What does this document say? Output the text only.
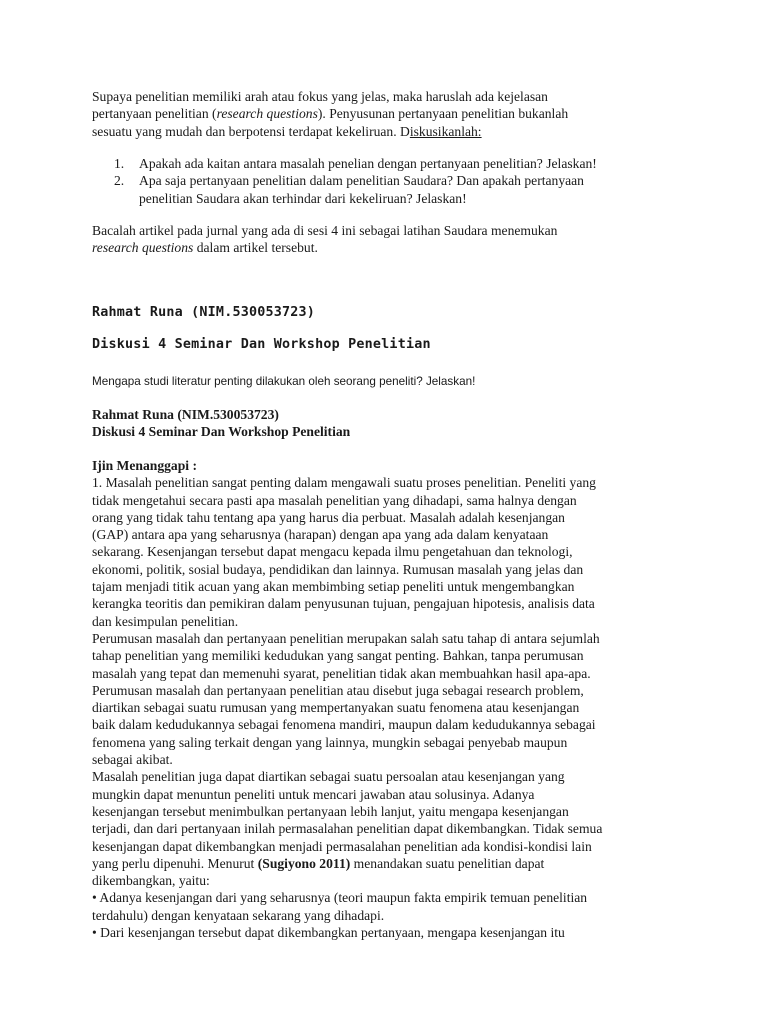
Supaya penelitian memiliki arah atau fokus yang jelas, maka haruslah ada kejelasan
pertanyaan penelitian (research questions). Penyusunan pertanyaan penelitian bukanlah
sesuatu yang mudah dan berpotensi terdapat kekeliruan. Diskusikanlah:

1. Apakah ada kaitan antara masalah penelian dengan pertanyaan penelitian? Jelaskan!
2. Apa saja pertanyaan penelitian dalam penelitian Saudara? Dan apakah pertanyaan
penelitian Saudara akan terhindar dari kekeliruan? Jelaskan!

Bacalah artikel pada jurnal yang ada di sesi 4 ini sebagai latihan Saudara menemukan
research questions dalam artikel tersebut.

Rahmat Runa (NIM.530053723)

Diskusi 4 Seminar Dan Workshop Penelitian

Mengapa studi literatur penting dilakukan oleh seorang peneliti? Jelaskan!

Rahmat Runa (NIM.530053723)
Diskusi 4 Seminar Dan Workshop Penelitian

Ijin Menanggapi :

1. Masalah penelitian sangat penting dalam mengawali suatu proses penelitian. Peneliti yang
tidak mengetahui secara pasti apa masalah penelitian yang dihadapi, sama halnya dengan
orang yang tidak tahu tentang apa yang harus dia perbuat. Masalah adalah kesenjangan
(GAP) antara apa yang seharusnya (harapan) dengan apa yang ada dalam kenyataan
sekarang. Kesenjangan tersebut dapat mengacu kepada ilmu pengetahuan dan teknologi,
ekonomi, politik, sosial budaya, pendidikan dan lainnya. Rumusan masalah yang jelas dan
tajam menjadi titik acuan yang akan membimbing setiap peneliti untuk mengembangkan
kerangka teoritis dan pemikiran dalam penyusunan tujuan, pengajuan hipotesis, analisis data
dan kesimpulan penelitian.

Perumusan masalah dan pertanyaan penelitian merupakan salah satu tahap di antara sejumlah
tahap penelitian yang memiliki kedudukan yang sangat penting. Bahkan, tanpa perumusan
masalah yang tepat dan memenuhi syarat, penelitian tidak akan membuahkan hasil apa-apa.
Perumusan masalah dan pertanyaan penelitian atau disebut juga sebagai research problem,
diartikan sebagai suatu rumusan yang mempertanyakan suatu fenomena atau kesenjangan
baik dalam kedudukannya sebagai fenomena mandiri, maupun dalam kedudukannya sebagai
fenomena yang saling terkait dengan yang lainnya, mungkin sebagai penyebab maupun
sebagai akibat.

Masalah penelitian juga dapat diartikan sebagai suatu persoalan atau kesenjangan yang
mungkin dapat menuntun peneliti untuk mencari jawaban atau solusinya. Adanya
kesenjangan tersebut menimbulkan pertanyaan lebih lanjut, yaitu mengapa kesenjangan
terjadi, dan dari pertanyaan inilah permasalahan penelitian dapat dikembangkan. Tidak semua
kesenjangan dapat dikembangkan menjadi permasalahan penelitian ada kondisi-kondisi lain
yang perlu dipenuhi. Menurut (Sugiyono 2011) menandakan suatu penelitian dapat
dikembangkan, yaitu:

• Adanya kesenjangan dari yang seharusnya (teori maupun fakta empirik temuan penelitian
terdahulu) dengan kenyataan sekarang yang dihadapi.

• Dari kesenjangan tersebut dapat dikembangkan pertanyaan, mengapa kesenjangan itu
